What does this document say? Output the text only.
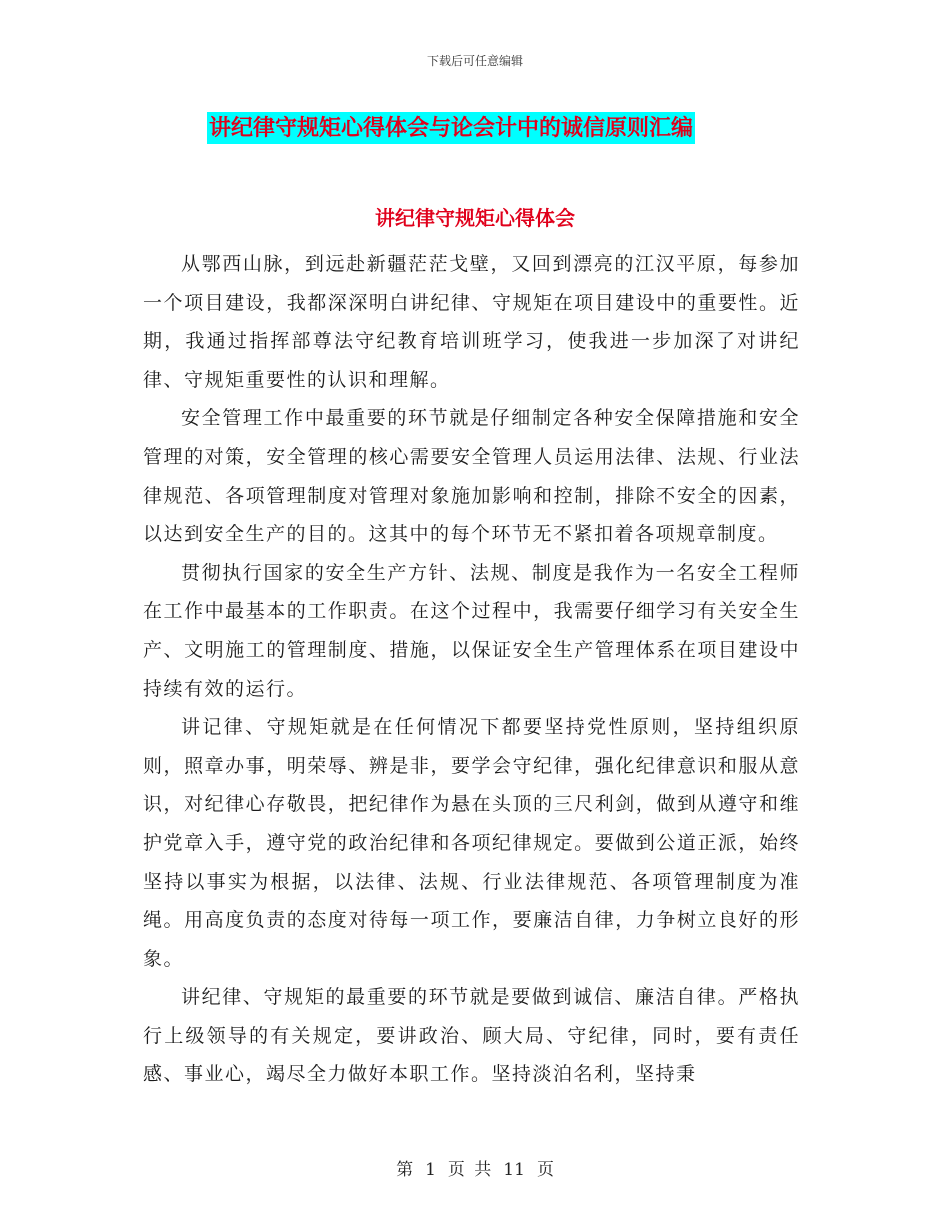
下载后可任意编辑
讲纪律守规矩心得体会与论会计中的诚信原则汇编
讲纪律守规矩心得体会

从鄂西山脉，到远赴新疆茫茫戈壁，又回到漂亮的江汉平原，每参加一个项目建设，我都深深明白讲纪律、守规矩在项目建设中的重要性。近期，我通过指挥部尊法守纪教育培训班学习，使我进一步加深了对讲纪律、守规矩重要性的认识和理解。

安全管理工作中最重要的环节就是仔细制定各种安全保障措施和安全管理的对策，安全管理的核心需要安全管理人员运用法律、法规、行业法律规范、各项管理制度对管理对象施加影响和控制，排除不安全的因素，以达到安全生产的目的。这其中的每个环节无不紧扣着各项规章制度。

贯彻执行国家的安全生产方针、法规、制度是我作为一名安全工程师在工作中最基本的工作职责。在这个过程中，我需要仔细学习有关安全生产、文明施工的管理制度、措施，以保证安全生产管理体系在项目建设中持续有效的运行。

讲记律、守规矩就是在任何情况下都要坚持党性原则，坚持组织原则，照章办事，明荣辱、辨是非，要学会守纪律，强化纪律意识和服从意识，对纪律心存敬畏，把纪律作为悬在头顶的三尺利剑，做到从遵守和维护党章入手，遵守党的政治纪律和各项纪律规定。要做到公道正派，始终坚持以事实为根据，以法律、法规、行业法律规范、各项管理制度为准绳。用高度负责的态度对待每一项工作，要廉洁自律，力争树立良好的形象。

讲纪律、守规矩的最重要的环节就是要做到诚信、廉洁自律。严格执行上级领导的有关规定，要讲政治、顾大局、守纪律，同时，要有责任感、事业心，竭尽全力做好本职工作。坚持淡泊名利，坚持秉

第 1 页 共 11 页
